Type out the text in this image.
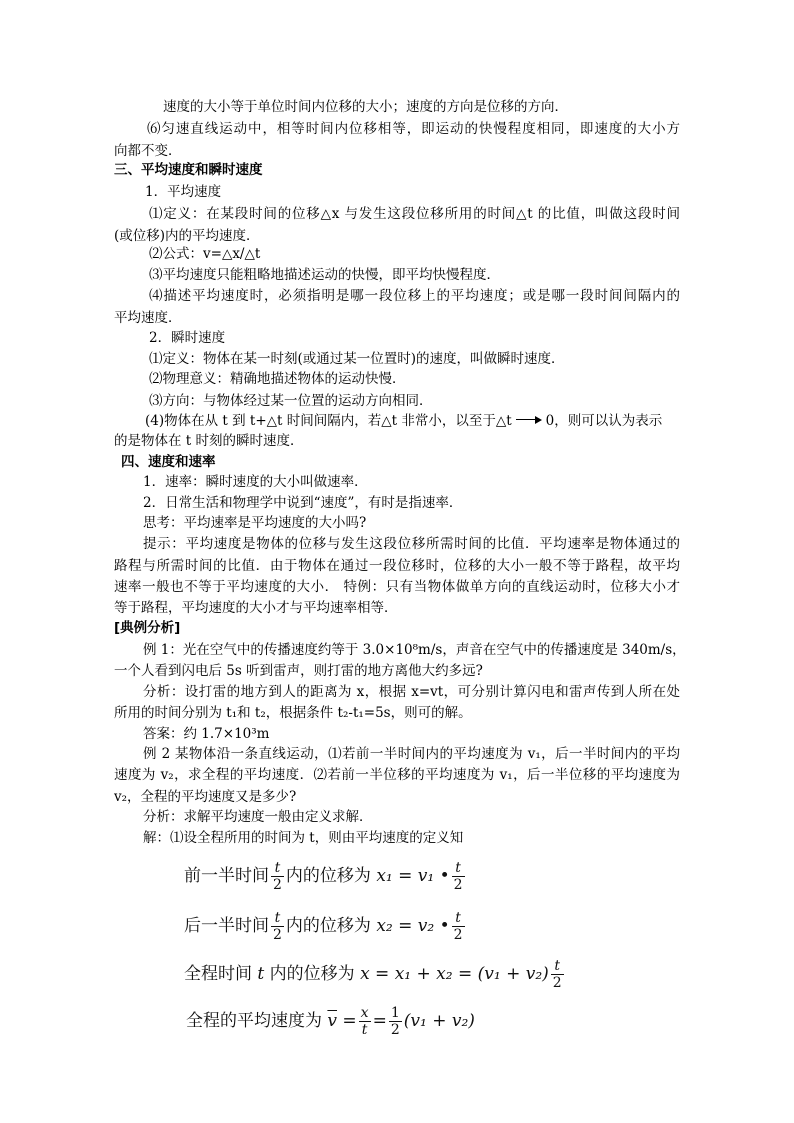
速度的大小等于单位时间内位移的大小；速度的方向是位移的方向．
⑹匀速直线运动中，相等时间内位移相等，即运动的快慢程度相同，即速度的大小方
向都不变．
三、平均速度和瞬时速度
1．平均速度
⑴定义：在某段时间的位移△x 与发生这段位移所用的时间△t 的比值，叫做这段时间
(或位移)内的平均速度．
⑵公式：v=△x/△t
⑶平均速度只能粗略地描述运动的快慢，即平均快慢程度．
⑷描述平均速度时，必须指明是哪一段位移上的平均速度；或是哪一段时间间隔内的
平均速度．
2．瞬时速度
⑴定义：物体在某一时刻(或通过某一位置时)的速度，叫做瞬时速度．
⑵物理意义：精确地描述物体的运动快慢．
⑶方向：与物体经过某一位置的运动方向相同．
(4)物体在从 t 到 t+△t 时间间隔内，若△t 非常小，以至于△t	0，则可以认为表示
的是物体在 t 时刻的瞬时速度．
四、速度和速率
1．速率：瞬时速度的大小叫做速率．
2．日常生活和物理学中说到“速度”，有时是指速率．
思考：平均速率是平均速度的大小吗?
提示：平均速度是物体的位移与发生这段位移所需时间的比值．平均速率是物体通过的
路程与所需时间的比值．由于物体在通过一段位移时，位移的大小一般不等于路程，故平均
速率一般也不等于平均速度的大小． 特例：只有当物体做单方向的直线运动时，位移大小才
等于路程，平均速度的大小才与平均速率相等．
[典例分析]
例 1：光在空气中的传播速度约等于 3.0×10⁸m/s，声音在空气中的传播速度是 340m/s，
一个人看到闪电后 5s 听到雷声，则打雷的地方离他大约多远?
分析：设打雷的地方到人的距离为 x，根据 x=vt，可分别计算闪电和雷声传到人所在处
所用的时间分别为 t₁和 t₂，根据条件 t₂-t₁=5s，则可的解。
答案：约 1.7×10³m
例 2 某物体沿一条直线运动，⑴若前一半时间内的平均速度为 v₁，后一半时间内的平均
速度为 v₂，求全程的平均速度．⑵若前一半位移的平均速度为 v₁，后一半位移的平均速度为
v₂，全程的平均速度又是多少?
分析：求解平均速度一般由定义求解．
解：⑴设全程所用的时间为 t，则由平均速度的定义知
前一半时间 $\frac{t}{2}$ 内的位移为 x₁ = v₁ • $\frac{t}{2}$
后一半时间 $\frac{t}{2}$ 内的位移为 x₂ = v₂ • $\frac{t}{2}$
全程时间 t 内的位移为 $x = x_1 + x_2 = (v_1 + v_2) \frac{t}{2}$
全程的平均速度为 $\overline{v} = \frac{x}{t} = \frac{1}{2} (v_1 + v_2)$
